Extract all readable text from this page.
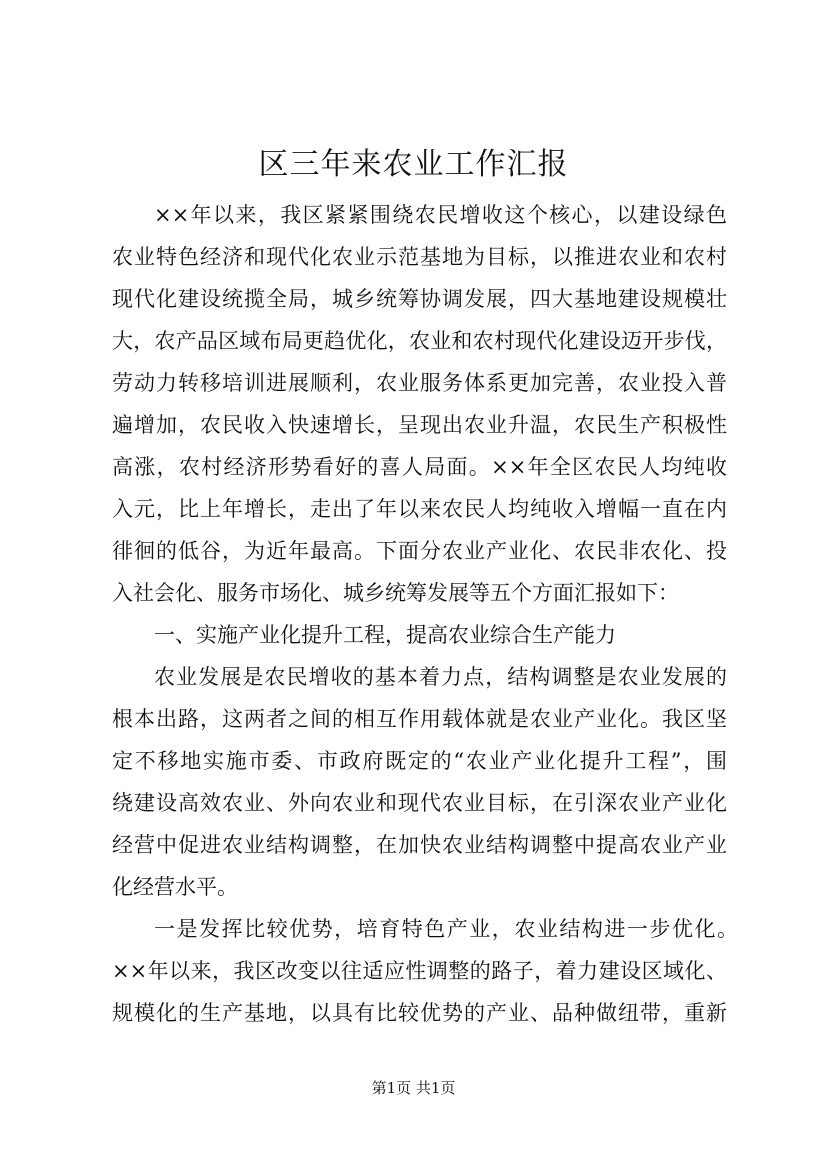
区三年来农业工作汇报
××年以来，我区紧紧围绕农民增收这个核心，以建设绿色
农业特色经济和现代化农业示范基地为目标，以推进农业和农村
现代化建设统揽全局，城乡统筹协调发展，四大基地建设规模壮
大，农产品区域布局更趋优化，农业和农村现代化建设迈开步伐，
劳动力转移培训进展顺利，农业服务体系更加完善，农业投入普
遍增加，农民收入快速增长，呈现出农业升温，农民生产积极性
高涨，农村经济形势看好的喜人局面。××年全区农民人均纯收
入元，比上年增长，走出了年以来农民人均纯收入增幅一直在内
徘徊的低谷，为近年最高。下面分农业产业化、农民非农化、投
入社会化、服务市场化、城乡统筹发展等五个方面汇报如下：
一、实施产业化提升工程，提高农业综合生产能力
农业发展是农民增收的基本着力点，结构调整是农业发展的
根本出路，这两者之间的相互作用载体就是农业产业化。我区坚
定不移地实施市委、市政府既定的“农业产业化提升工程”，围
绕建设高效农业、外向农业和现代农业目标，在引深农业产业化
经营中促进农业结构调整，在加快农业结构调整中提高农业产业
化经营水平。
一是发挥比较优势，培育特色产业，农业结构进一步优化。
××年以来，我区改变以往适应性调整的路子，着力建设区域化、
规模化的生产基地，以具有比较优势的产业、品种做纽带，重新
第1页 共1页
